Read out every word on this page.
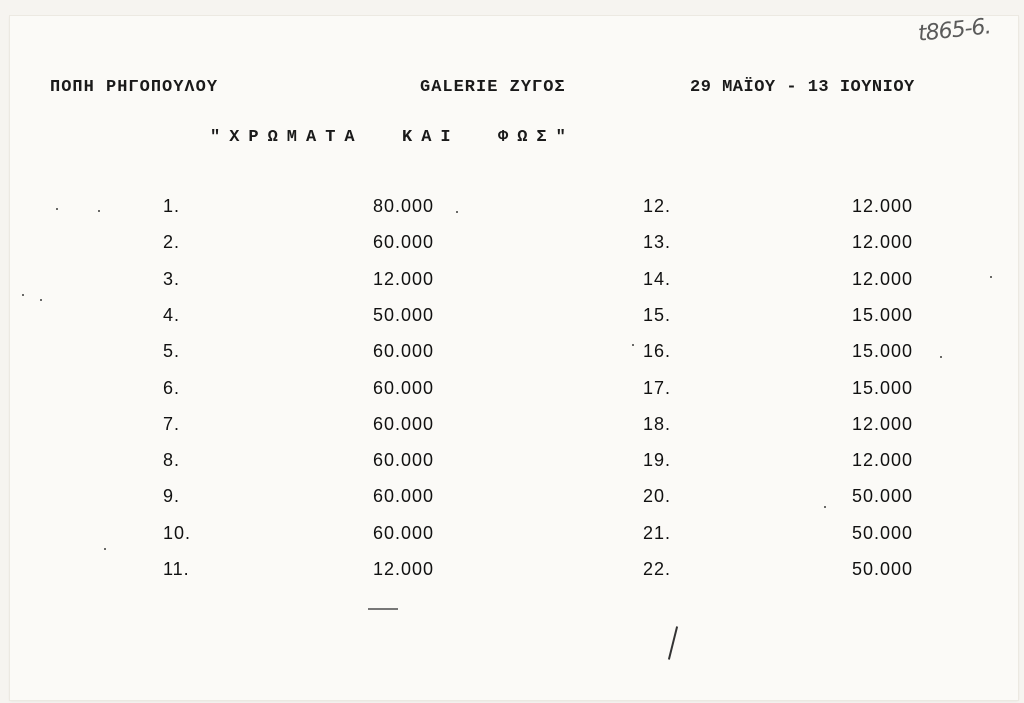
t865-6.
ΠΟΠΗ ΡΗΓΟΠΟΥΛΟΥ	GALERIE ΖΥΓΟΣ	29 ΜΑΪΟΥ - 13 ΙΟΥΝΙΟΥ
"ΧΡΩΜΑΤΑ  ΚΑΙ  ΦΩΣ"
1.	80.000
2.	60.000
3.	12.000
4.	50.000
5.	60.000
6.	60.000
7.	60.000
8.	60.000
9.	60.000
10.	60.000
11.	12.000
12.	12.000
13.	12.000
14.	12.000
15.	15.000
16.	15.000
17.	15.000
18.	12.000
19.	12.000
20.	50.000
21.	50.000
22.	50.000
